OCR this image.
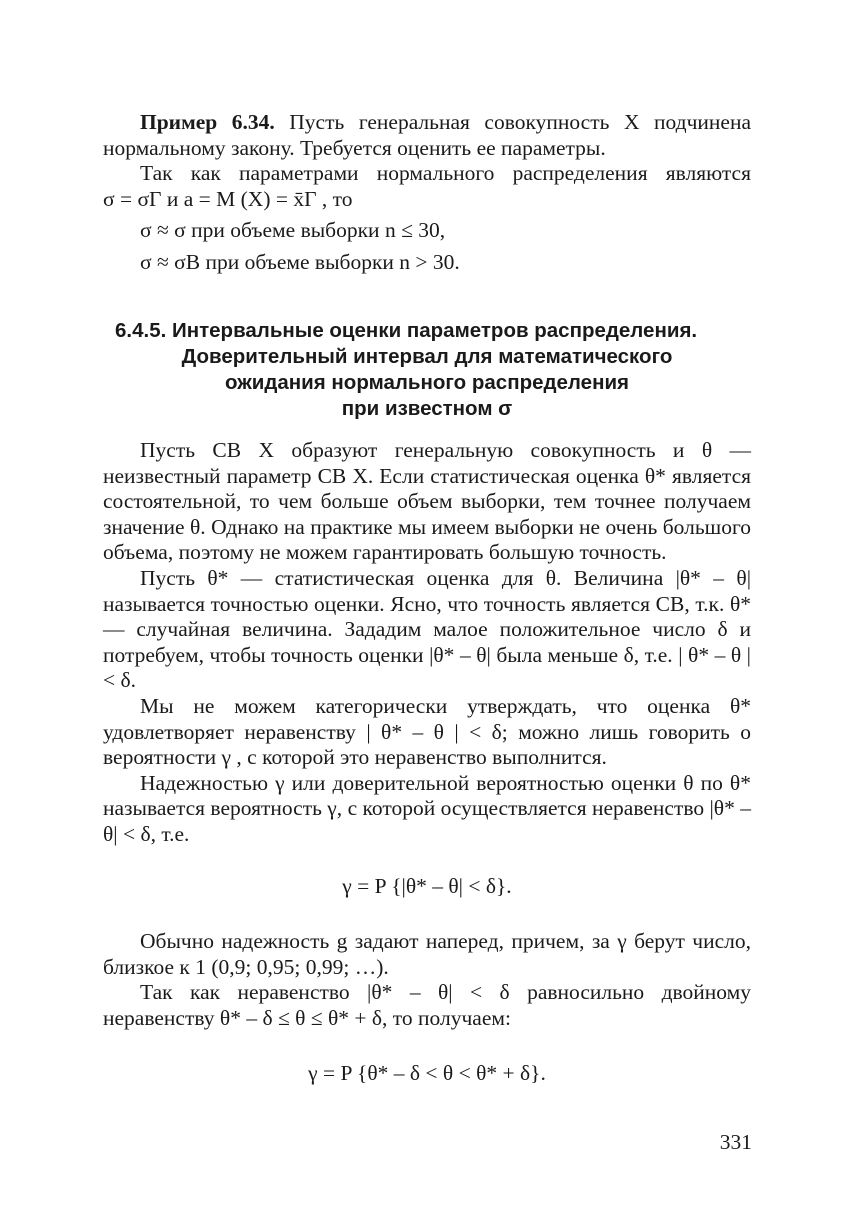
Пример 6.34. Пусть генеральная совокупность X подчинена нормальному закону. Требуется оценить ее параметры.

Так как параметрами нормального распределения являются

σ = σГ и a = M (X) = x̄Г , то

σ ≈ σ при объеме выборки n ≤ 30,

σ ≈ σВ при объеме выборки n > 30.

6.4.5. Интервальные оценки параметров распределения.

Доверительный интервал для математического

ожидания нормального распределения

при известном σ

Пусть СВ X образуют генеральную совокупность и θ — неизвестный параметр СВ X. Если статистическая оценка θ* является состоятельной, то чем больше объем выборки, тем точнее получаем значение θ. Однако на практике мы имеем выборки не очень большого объема, поэтому не можем гарантировать большую точность.

Пусть θ* — статистическая оценка для θ. Величина |θ* – θ| называется точностью оценки. Ясно, что точность является СВ, т.к. θ* — случайная величина. Зададим малое положительное число δ и потребуем, чтобы точность оценки |θ* – θ| была меньше δ, т.е. | θ* – θ | < δ.

Мы не можем категорически утверждать, что оценка θ* удовлетворяет неравенству | θ* – θ | < δ; можно лишь говорить о вероятности γ , с которой это неравенство выполнится.

Надежностью γ или доверительной вероятностью оценки θ по θ* называется вероятность γ, с которой осуществляется неравенство |θ* – θ| < δ, т.е.

γ = P {|θ* – θ| < δ}.

Обычно надежность g задают наперед, причем, за γ берут число, близкое к 1 (0,9; 0,95; 0,99; …).

Так как неравенство |θ* – θ| < δ равносильно двойному неравенству θ* – δ ≤ θ ≤ θ* + δ, то получаем:

γ = P {θ* – δ < θ < θ* + δ}.

331
